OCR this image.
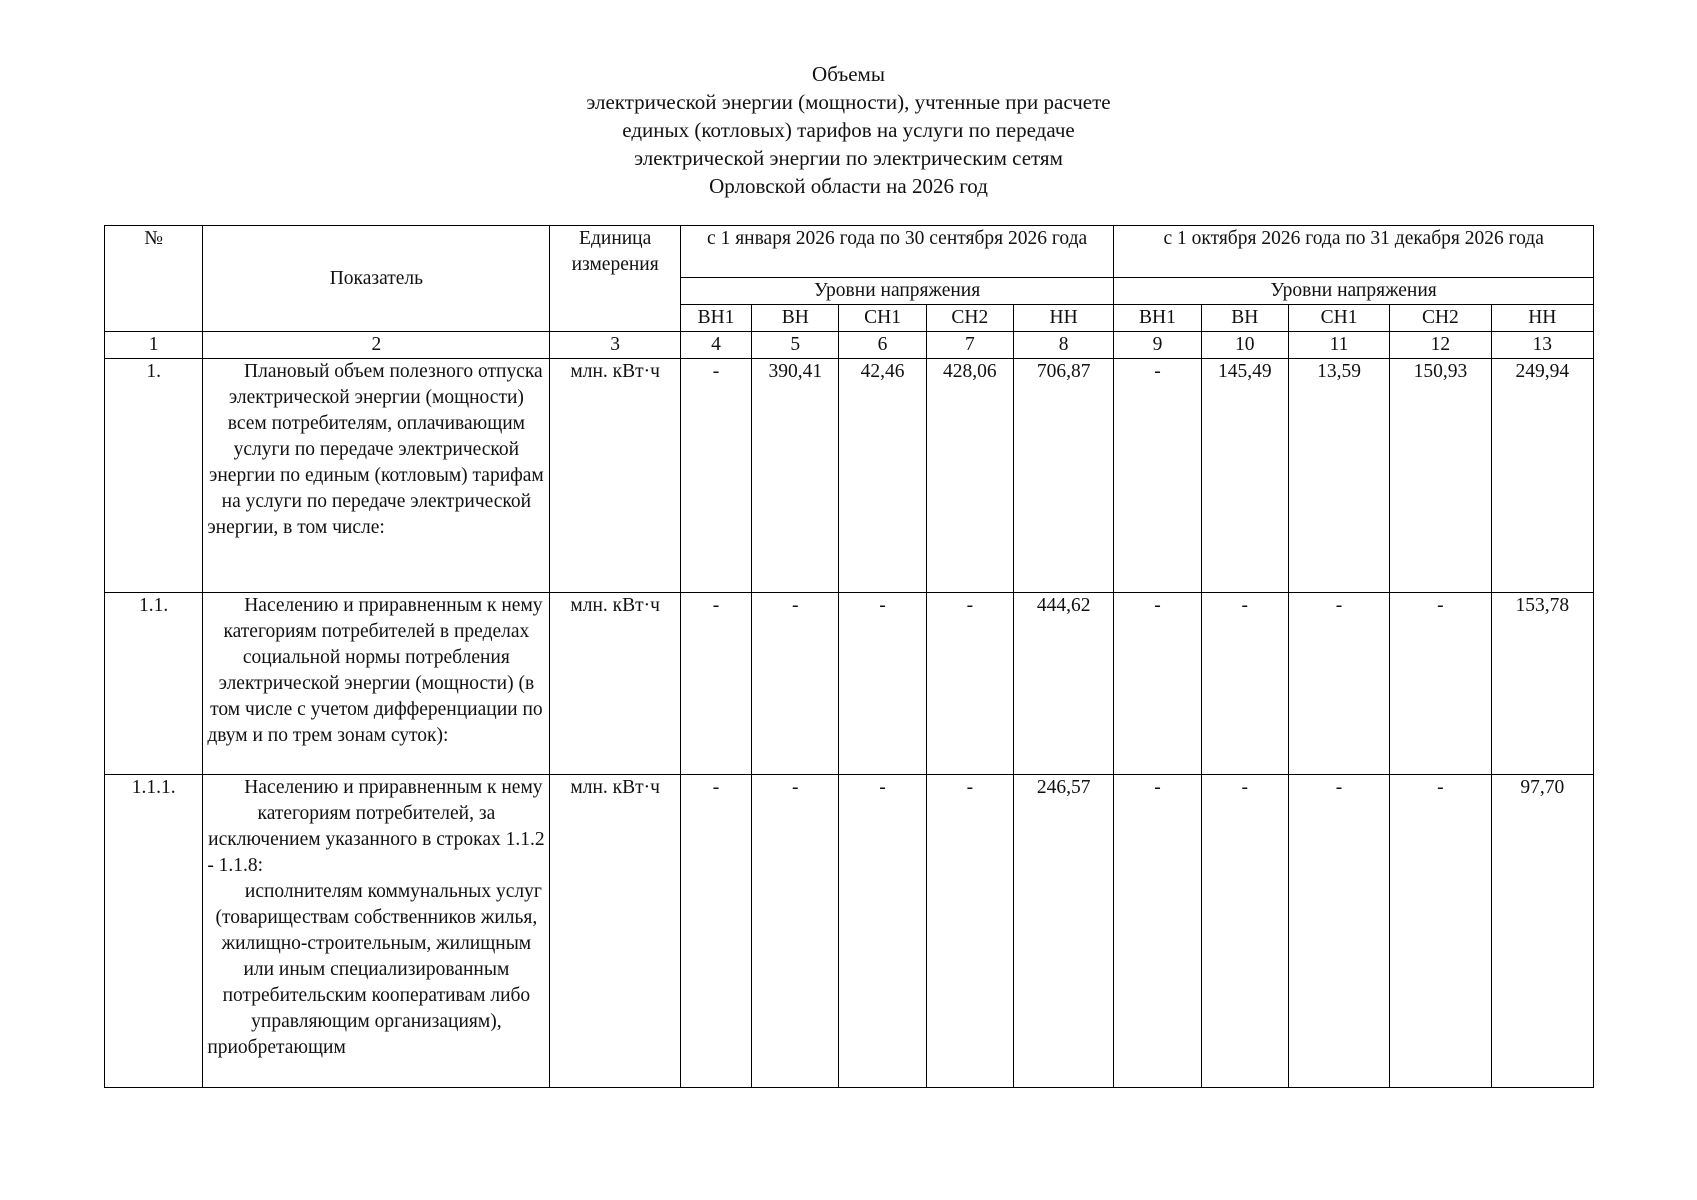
Объемы
электрической энергии (мощности), учтенные при расчете
единых (котловых) тарифов на услуги по передаче
электрической энергии по электрическим сетям
Орловской области на 2026 год
№	Показатель	Единица измерения	с 1 января 2026 года по 30 сентября 2026 года					с 1 октября 2026 года по 31 декабря 2026 года				
			Уровни напряжения					Уровни напряжения				
			ВН1	ВН	СН1	СН2	НН	ВН1	ВН	СН1	СН2	НН
1	2	3	4	5	6	7	8	9	10	11	12	13
1.	Плановый объем полезного отпуска электрической энергии (мощности) всем потребителям, оплачивающим услуги по передаче электрической энергии по единым (котловым) тарифам на услуги по передаче электрической энергии, в том числе:	млн. кВт·ч	-	390,41	42,46	428,06	706,87	-	145,49	13,59	150,93	249,94
1.1.	Населению и приравненным к нему категориям потребителей в пределах социальной нормы потребления электрической энергии (мощности) (в том числе с учетом дифференциации по двум и по трем зонам суток):	млн. кВт·ч	-	-	-	-	444,62	-	-	-	-	153,78
1.1.1.	Населению и приравненным к нему категориям потребителей, за исключением указанного в строках 1.1.2 - 1.1.8:
исполнителям коммунальных услуг (товариществам собственников жилья, жилищно-строительным, жилищным или иным специализированным потребительским кооперативам либо управляющим организациям), приобретающим	млн. кВт·ч	-	-	-	-	246,57	-	-	-	-	97,70
